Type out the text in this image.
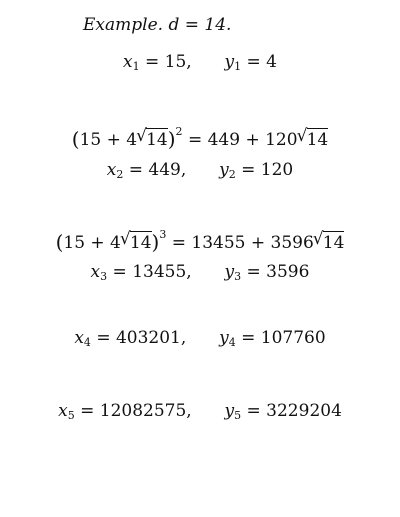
Example. d = 14.
$x_1 = 15$, $y_1 = 4$
(15 + 4 √ 14)$^2$ = 449 + 120 √ 14
$x_2 = 449$, $y_2 = 120$
(15 + 4 √ 14)$^3$ = 13455 + 3596 √ 14
$x_3 = 13455$, $y_3 = 3596$
$x_4 = 403201$, $y_4 = 107760$
$x_5 = 12082575$, $y_5 = 3229204$
